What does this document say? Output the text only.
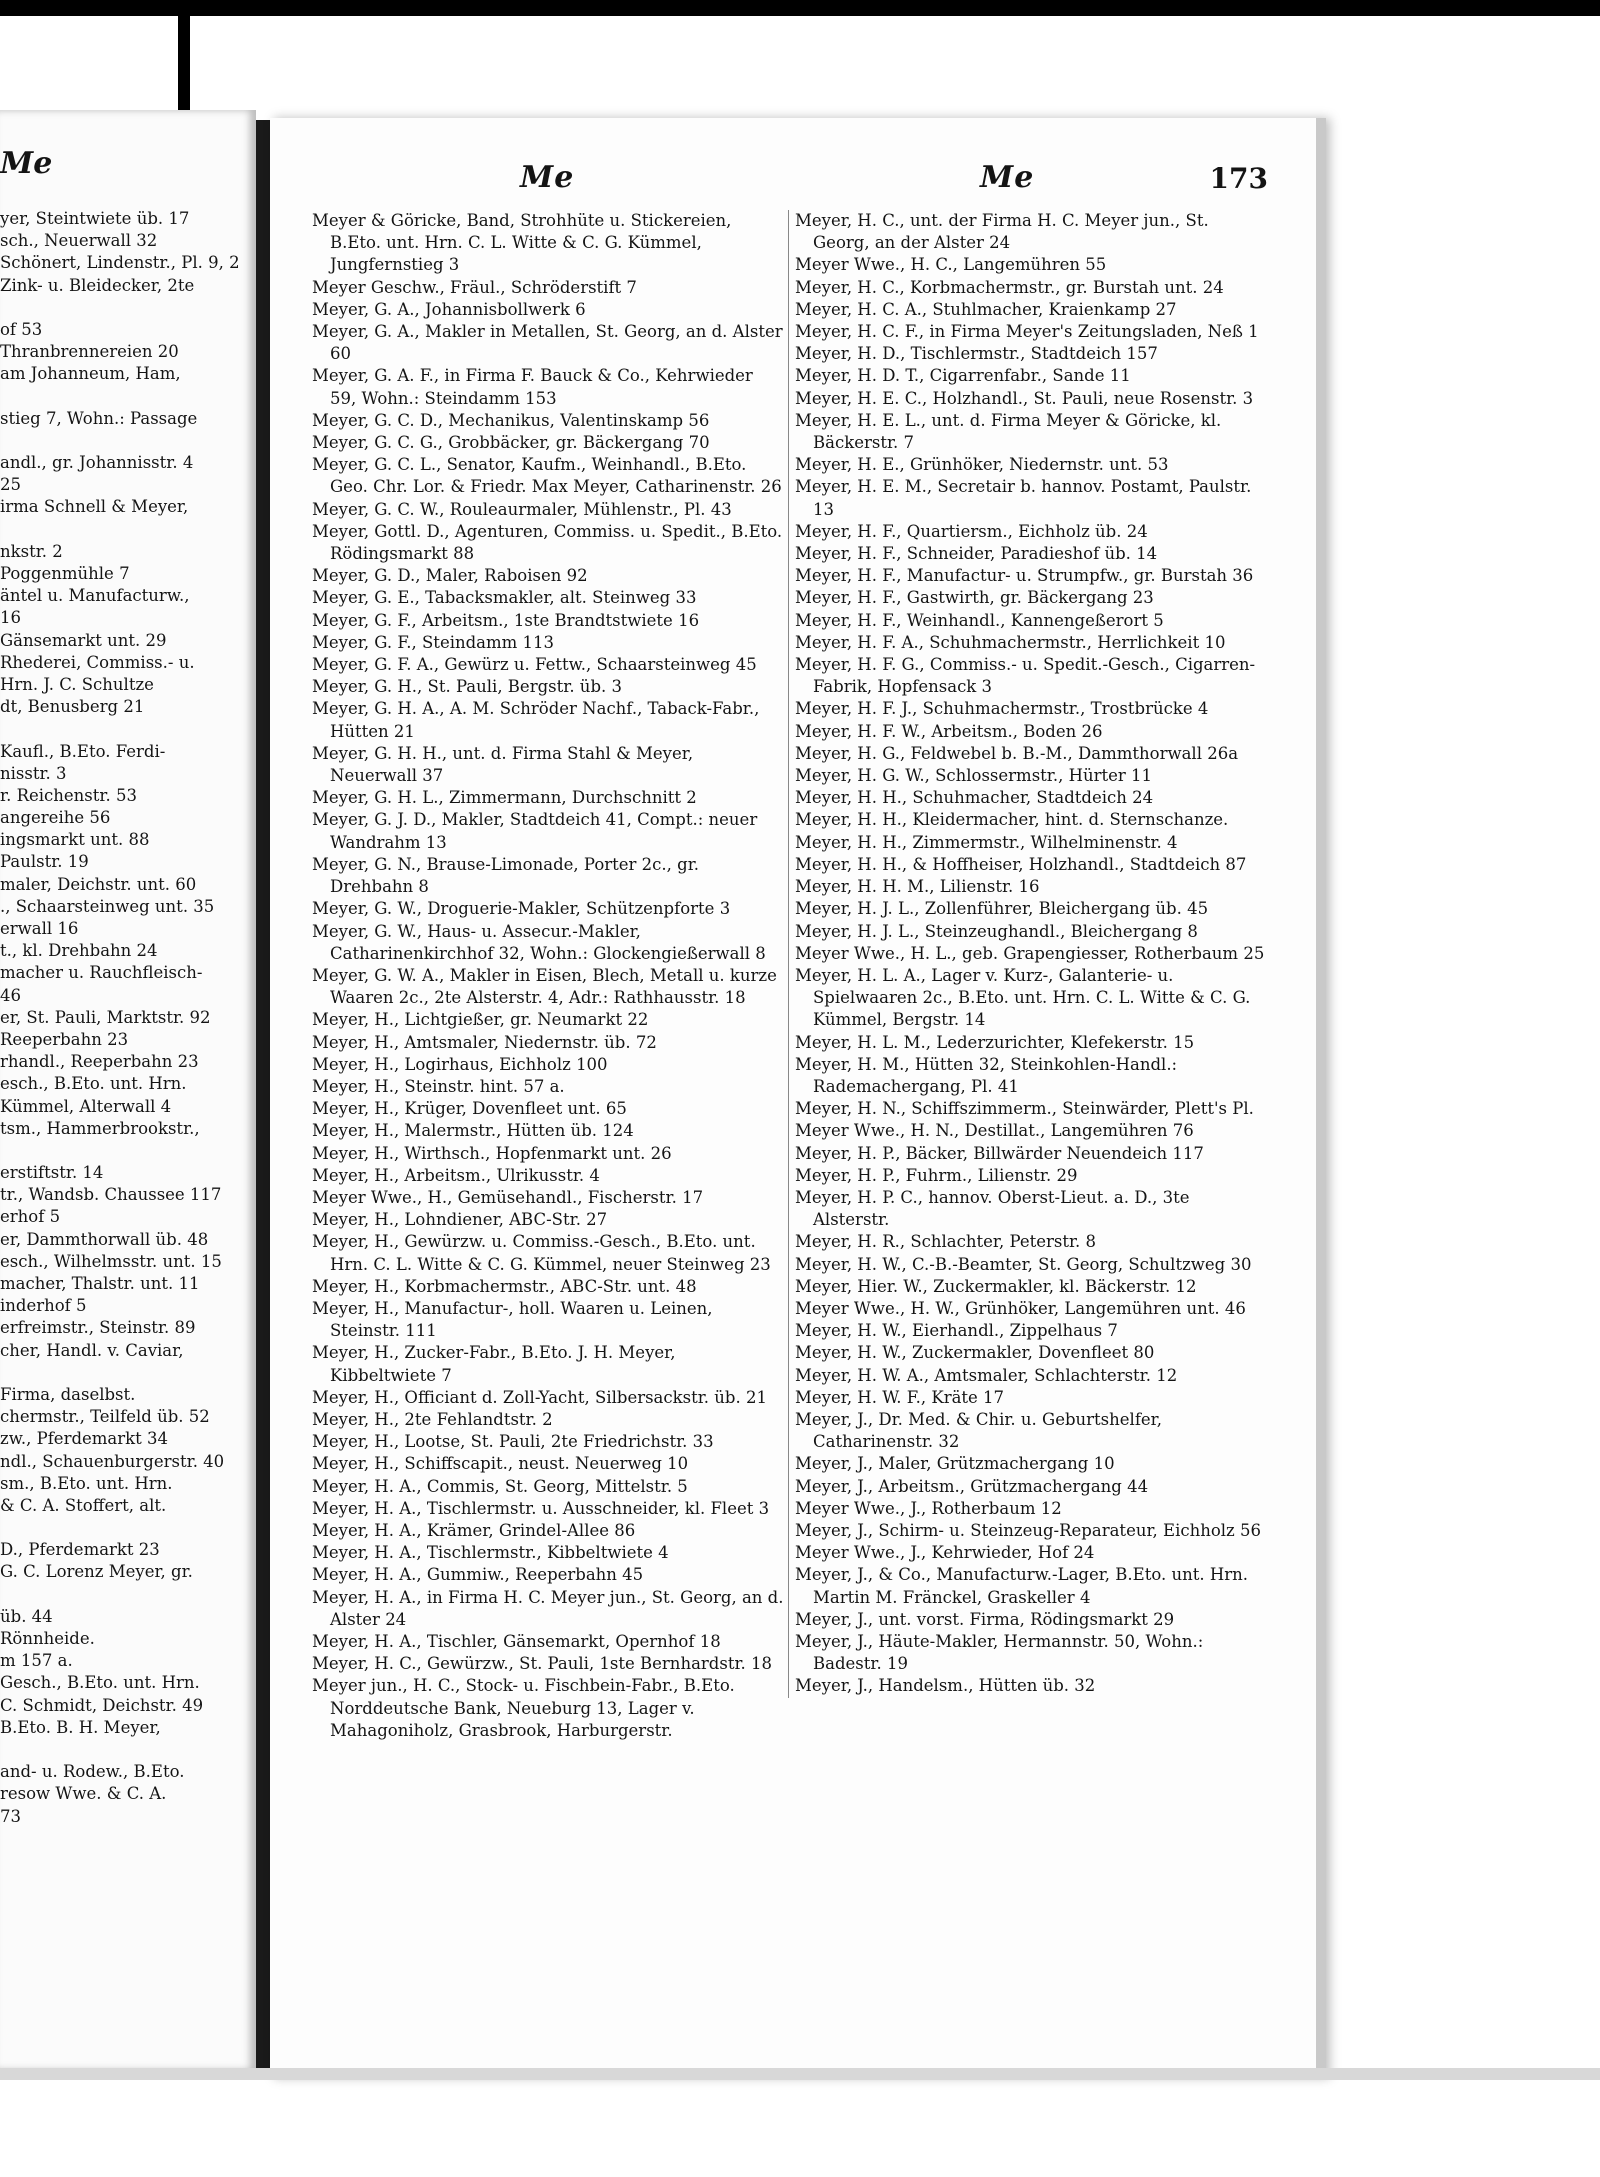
Me
yer, Steintwiete üb. 17
sch., Neuerwall 32
Schönert, Lindenstr., Pl. 9, 2
Zink- u. Bleidecker, 2te
of 53
Thranbrennereien 20
am Johanneum, Ham,
stieg 7, Wohn.: Passage
andl., gr. Johannisstr. 4
25
irma Schnell & Meyer,
nkstr. 2
Poggenmühle 7
äntel u. Manufacturw.,
16
Gänsemarkt unt. 29
Rhederei, Commiss.- u.
Hrn. J. C. Schultze
dt, Benusberg 21
Kaufl., B.Eto. Ferdi-
nisstr. 3
r. Reichenstr. 53
angereihe 56
ingsmarkt unt. 88
Paulstr. 19
maler, Deichstr. unt. 60
., Schaarsteinweg unt. 35
erwall 16
t., kl. Drehbahn 24
macher u. Rauchfleisch-
46
er, St. Pauli, Marktstr. 92
Reeperbahn 23
rhandl., Reeperbahn 23
esch., B.Eto. unt. Hrn.
Kümmel, Alterwall 4
tsm., Hammerbrookstr.,
erstiftstr. 14
tr., Wandsb. Chaussee 117
erhof 5
er, Dammthorwall üb. 48
esch., Wilhelmsstr. unt. 15
macher, Thalstr. unt. 11
inderhof 5
erfreimstr., Steinstr. 89
cher, Handl. v. Caviar,
Firma, daselbst.
chermstr., Teilfeld üb. 52
zw., Pferdemarkt 34
ndl., Schauenburgerstr. 40
sm., B.Eto. unt. Hrn.
& C. A. Stoffert, alt.
D., Pferdemarkt 23
G. C. Lorenz Meyer, gr.
üb. 44
Rönnheide.
m 157 a.
Gesch., B.Eto. unt. Hrn.
C. Schmidt, Deichstr. 49
B.Eto. B. H. Meyer,
and- u. Rodew., B.Eto.
resow Wwe. & C. A.
73
Me	Me	173
Meyer & Göricke, Band, Strohhüte u. Stickereien, B.Eto. unt. Hrn. C. L. Witte & C. G. Kümmel, Jungfernstieg 3
Meyer Geschw., Fräul., Schröderstift 7
Meyer, G. A., Johannisbollwerk 6
Meyer, G. A., Makler in Metallen, St. Georg, an d. Alster 60
Meyer, G. A. F., in Firma F. Bauck & Co., Kehrwieder 59, Wohn.: Steindamm 153
Meyer, G. C. D., Mechanikus, Valentinskamp 56
Meyer, G. C. G., Grobbäcker, gr. Bäckergang 70
Meyer, G. C. L., Senator, Kaufm., Weinhandl., B.Eto. Geo. Chr. Lor. & Friedr. Max Meyer, Catharinenstr. 26
Meyer, G. C. W., Rouleaurmaler, Mühlenstr., Pl. 43
Meyer, Gottl. D., Agenturen, Commiss. u. Spedit., B.Eto. Rödingsmarkt 88
Meyer, G. D., Maler, Raboisen 92
Meyer, G. E., Tabacksmakler, alt. Steinweg 33
Meyer, G. F., Arbeitsm., 1ste Brandtstwiete 16
Meyer, G. F., Steindamm 113
Meyer, G. F. A., Gewürz u. Fettw., Schaarsteinweg 45
Meyer, G. H., St. Pauli, Bergstr. üb. 3
Meyer, G. H. A., A. M. Schröder Nachf., Taback-Fabr., Hütten 21
Meyer, G. H. H., unt. d. Firma Stahl & Meyer, Neuerwall 37
Meyer, G. H. L., Zimmermann, Durchschnitt 2
Meyer, G. J. D., Makler, Stadtdeich 41, Compt.: neuer Wandrahm 13
Meyer, G. N., Brause-Limonade, Porter 2c., gr. Drehbahn 8
Meyer, G. W., Droguerie-Makler, Schützenpforte 3
Meyer, G. W., Haus- u. Assecur.-Makler, Catharinenkirchhof 32, Wohn.: Glockengießerwall 8
Meyer, G. W. A., Makler in Eisen, Blech, Metall u. kurze Waaren 2c., 2te Alsterstr. 4, Adr.: Rathhausstr. 18
Meyer, H., Lichtgießer, gr. Neumarkt 22
Meyer, H., Amtsmaler, Niedernstr. üb. 72
Meyer, H., Logirhaus, Eichholz 100
Meyer, H., Steinstr. hint. 57 a.
Meyer, H., Krüger, Dovenfleet unt. 65
Meyer, H., Malermstr., Hütten üb. 124
Meyer, H., Wirthsch., Hopfenmarkt unt. 26
Meyer, H., Arbeitsm., Ulrikusstr. 4
Meyer Wwe., H., Gemüsehandl., Fischerstr. 17
Meyer, H., Lohndiener, ABC-Str. 27
Meyer, H., Gewürzw. u. Commiss.-Gesch., B.Eto. unt. Hrn. C. L. Witte & C. G. Kümmel, neuer Steinweg 23
Meyer, H., Korbmachermstr., ABC-Str. unt. 48
Meyer, H., Manufactur-, holl. Waaren u. Leinen, Steinstr. 111
Meyer, H., Zucker-Fabr., B.Eto. J. H. Meyer, Kibbeltwiete 7
Meyer, H., Officiant d. Zoll-Yacht, Silbersackstr. üb. 21
Meyer, H., 2te Fehlandtstr. 2
Meyer, H., Lootse, St. Pauli, 2te Friedrichstr. 33
Meyer, H., Schiffscapit., neust. Neuerweg 10
Meyer, H. A., Commis, St. Georg, Mittelstr. 5
Meyer, H. A., Tischlermstr. u. Ausschneider, kl. Fleet 3
Meyer, H. A., Krämer, Grindel-Allee 86
Meyer, H. A., Tischlermstr., Kibbeltwiete 4
Meyer, H. A., Gummiw., Reeperbahn 45
Meyer, H. A., in Firma H. C. Meyer jun., St. Georg, an d. Alster 24
Meyer, H. A., Tischler, Gänsemarkt, Opernhof 18
Meyer, H. C., Gewürzw., St. Pauli, 1ste Bernhardstr. 18
Meyer jun., H. C., Stock- u. Fischbein-Fabr., B.Eto. Norddeutsche Bank, Neueburg 13, Lager v. Mahagoniholz, Grasbrook, Harburgerstr.
Meyer, H. C., unt. der Firma H. C. Meyer jun., St. Georg, an der Alster 24
Meyer Wwe., H. C., Langemühren 55
Meyer, H. C., Korbmachermstr., gr. Burstah unt. 24
Meyer, H. C. A., Stuhlmacher, Kraienkamp 27
Meyer, H. C. F., in Firma Meyer's Zeitungsladen, Neß 1
Meyer, H. D., Tischlermstr., Stadtdeich 157
Meyer, H. D. T., Cigarrenfabr., Sande 11
Meyer, H. E. C., Holzhandl., St. Pauli, neue Rosenstr. 3
Meyer, H. E. L., unt. d. Firma Meyer & Göricke, kl. Bäckerstr. 7
Meyer, H. E., Grünhöker, Niedernstr. unt. 53
Meyer, H. E. M., Secretair b. hannov. Postamt, Paulstr. 13
Meyer, H. F., Quartiersm., Eichholz üb. 24
Meyer, H. F., Schneider, Paradieshof üb. 14
Meyer, H. F., Manufactur- u. Strumpfw., gr. Burstah 36
Meyer, H. F., Gastwirth, gr. Bäckergang 23
Meyer, H. F., Weinhandl., Kannengeßerort 5
Meyer, H. F. A., Schuhmachermstr., Herrlichkeit 10
Meyer, H. F. G., Commiss.- u. Spedit.-Gesch., Cigarren-Fabrik, Hopfensack 3
Meyer, H. F. J., Schuhmachermstr., Trostbrücke 4
Meyer, H. F. W., Arbeitsm., Boden 26
Meyer, H. G., Feldwebel b. B.-M., Dammthorwall 26a
Meyer, H. G. W., Schlossermstr., Hürter 11
Meyer, H. H., Schuhmacher, Stadtdeich 24
Meyer, H. H., Kleidermacher, hint. d. Sternschanze.
Meyer, H. H., Zimmermstr., Wilhelminenstr. 4
Meyer, H. H., & Hoffheiser, Holzhandl., Stadtdeich 87
Meyer, H. H. M., Lilienstr. 16
Meyer, H. J. L., Zollenführer, Bleichergang üb. 45
Meyer, H. J. L., Steinzeughandl., Bleichergang 8
Meyer Wwe., H. L., geb. Grapengiesser, Rotherbaum 25
Meyer, H. L. A., Lager v. Kurz-, Galanterie- u. Spielwaaren 2c., B.Eto. unt. Hrn. C. L. Witte & C. G. Kümmel, Bergstr. 14
Meyer, H. L. M., Lederzurichter, Klefekerstr. 15
Meyer, H. M., Hütten 32, Steinkohlen-Handl.: Rademachergang, Pl. 41
Meyer, H. N., Schiffszimmerm., Steinwärder, Plett's Pl.
Meyer Wwe., H. N., Destillat., Langemühren 76
Meyer, H. P., Bäcker, Billwärder Neuendeich 117
Meyer, H. P., Fuhrm., Lilienstr. 29
Meyer, H. P. C., hannov. Oberst-Lieut. a. D., 3te Alsterstr.
Meyer, H. R., Schlachter, Peterstr. 8
Meyer, H. W., C.-B.-Beamter, St. Georg, Schultzweg 30
Meyer, Hier. W., Zuckermakler, kl. Bäckerstr. 12
Meyer Wwe., H. W., Grünhöker, Langemühren unt. 46
Meyer, H. W., Eierhandl., Zippelhaus 7
Meyer, H. W., Zuckermakler, Dovenfleet 80
Meyer, H. W. A., Amtsmaler, Schlachterstr. 12
Meyer, H. W. F., Kräte 17
Meyer, J., Dr. Med. & Chir. u. Geburtshelfer, Catharinenstr. 32
Meyer, J., Maler, Grützmachergang 10
Meyer, J., Arbeitsm., Grützmachergang 44
Meyer Wwe., J., Rotherbaum 12
Meyer, J., Schirm- u. Steinzeug-Reparateur, Eichholz 56
Meyer Wwe., J., Kehrwieder, Hof 24
Meyer, J., & Co., Manufacturw.-Lager, B.Eto. unt. Hrn. Martin M. Fränckel, Graskeller 4
Meyer, J., unt. vorst. Firma, Rödingsmarkt 29
Meyer, J., Häute-Makler, Hermannstr. 50, Wohn.: Badestr. 19
Meyer, J., Handelsm., Hütten üb. 32
